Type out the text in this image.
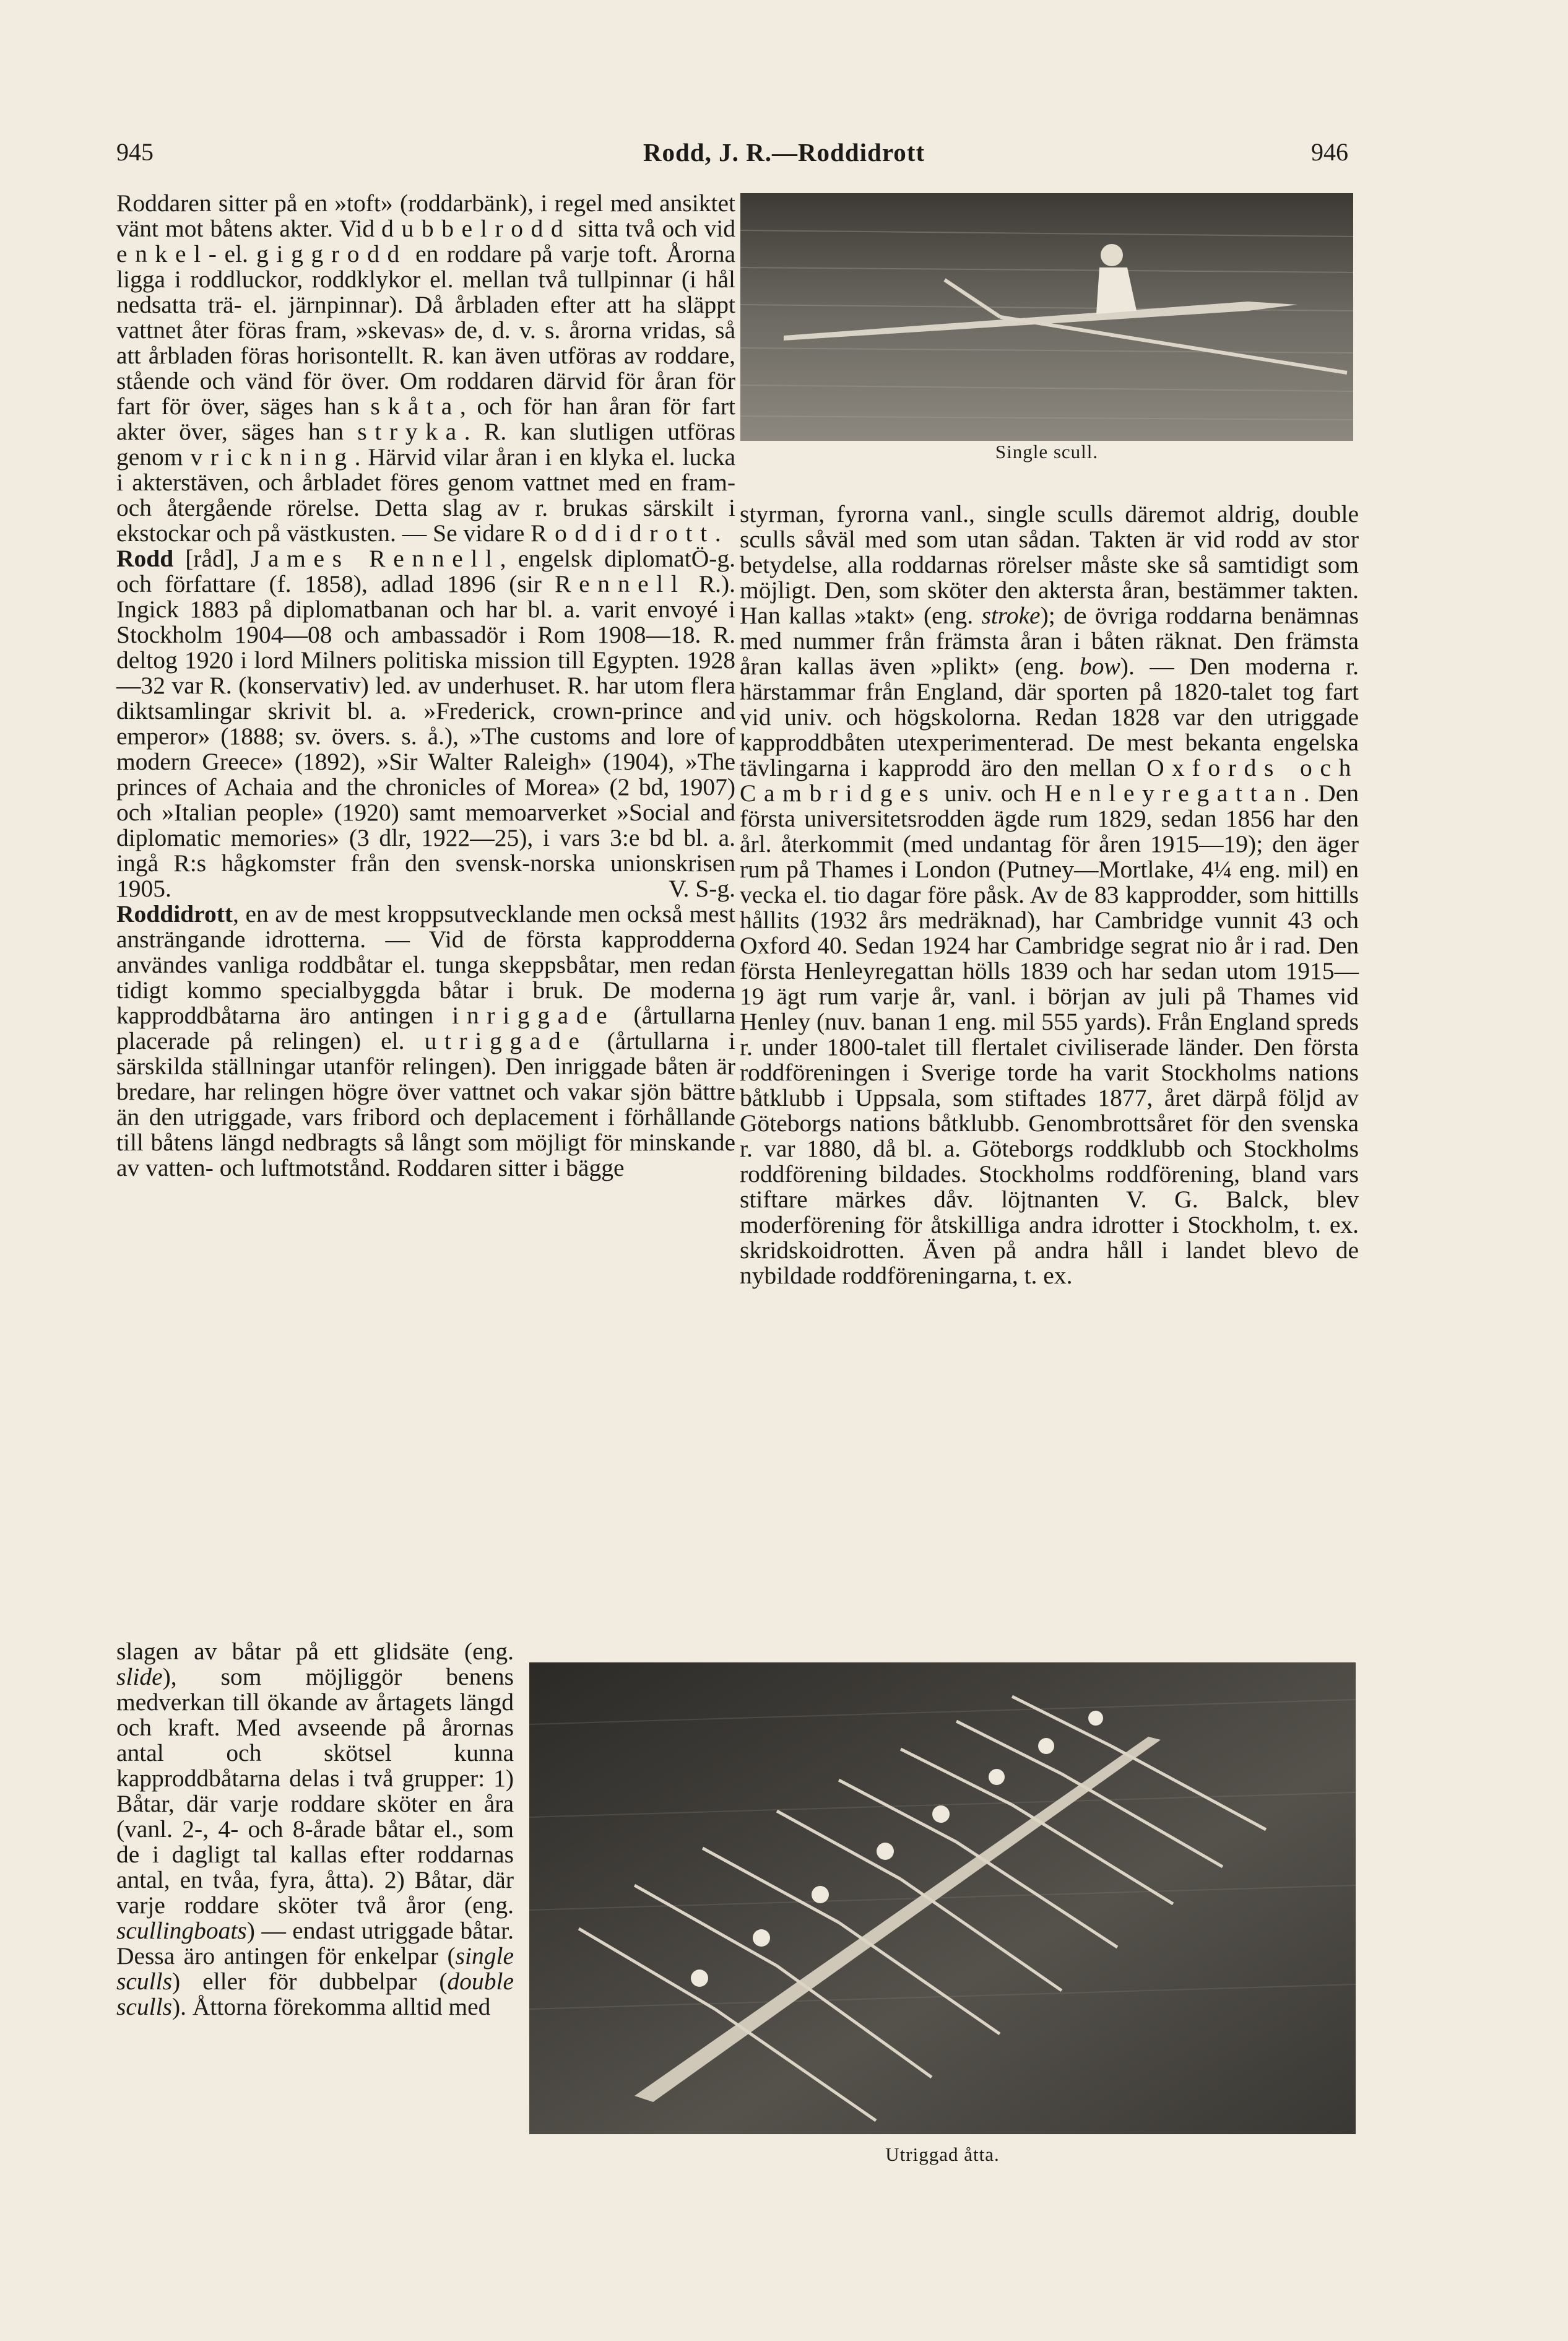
945	Rodd, J. R.—Roddidrott	946

Roddaren sitter på en »toft» (roddarbänk), i regel med ansiktet vänt mot båtens akter. Vid dubbelrodd sitta två och vid enkel-el. giggrodd en roddare på varje toft. Årorna ligga i roddluckor, roddklykor el. mellan två tullpinnar (i hål nedsatta trä- el. järnpinnar). Då årbladen efter att ha släppt vattnet åter föras fram, »skevas» de, d. v. s. årorna vridas, så att årbladen föras horisontellt. R. kan även utföras av roddare, stående och vänd för över. Om roddaren därvid för åran för fart för över, säges han skåta, och för han åran för fart akter över, säges han stryka. R. kan slutligen utföras genom vrickning. Härvid vilar åran i en klyka el. lucka i akterstäven, och årbladet föres genom vattnet med en fram- och återgående rörelse. Detta slag av r. brukas särskilt i ekstockar och på västkusten. — Se vidare Roddidrott.
Ö-g.

Rodd [råd], James Rennell, engelsk diplomat och författare (f. 1858), adlad 1896 (sir Rennell R.). Ingick 1883 på diplomatbanan och har bl. a. varit envoyé i Stockholm 1904—08 och ambassadör i Rom 1908—18. R. deltog 1920 i lord Milners politiska mission till Egypten. 1928—32 var R. (konservativ) led. av underhuset. R. har utom flera diktsamlingar skrivit bl. a. »Frederick, crown-prince and emperor» (1888; sv. övers. s. å.), »The customs and lore of modern Greece» (1892), »Sir Walter Raleigh» (1904), »The princes of Achaia and the chronicles of Morea» (2 bd, 1907) och »Italian people» (1920) samt memoarverket »Social and diplomatic memories» (3 dlr, 1922—25), i vars 3:e bd bl. a. ingå R:s hågkomster från den svensk-norska unionskrisen 1905.	V. S-g.

Roddidrott, en av de mest kroppsutvecklande men också mest ansträngande idrotterna. — Vid de första kapprodderna användes vanliga roddbåtar el. tunga skeppsbåtar, men redan tidigt kommo specialbyggda båtar i bruk. De moderna kapproddbåtarna äro antingen inriggade (årtullarna placerade på relingen) el. utriggade (årtullarna i särskilda ställningar utanför relingen). Den inriggade båten är bredare, har relingen högre över vattnet och vakar sjön bättre än den utriggade, vars fribord och deplacement i förhållande till båtens längd nedbragts så långt som möjligt för minskande av vatten- och luftmotstånd. Roddaren sitter i bägge

slagen av båtar på ett glidsäte (eng. slide), som möjliggör benens medverkan till ökande av årtagets längd och kraft. Med avseende på årornas antal och skötsel kunna kapproddbåtarna delas i två grupper: 1) Båtar, där varje roddare sköter en åra (vanl. 2-, 4- och 8-årade båtar el., som de i dagligt tal kallas efter roddarnas antal, en tvåa, fyra, åtta). 2) Båtar, där varje roddare sköter två åror (eng. scullingboats) — endast utriggade båtar. Dessa äro antingen för enkelpar (single sculls) eller för dubbelpar (double sculls). Åttorna förekomma alltid med

styrman, fyrorna vanl., single sculls däremot aldrig, double sculls såväl med som utan sådan. Takten är vid rodd av stor betydelse, alla roddarnas rörelser måste ske så samtidigt som möjligt. Den, som sköter den aktersta åran, bestämmer takten. Han kallas »takt» (eng. stroke); de övriga roddarna benämnas med nummer från främsta åran i båten räknat. Den främsta åran kallas även »plikt» (eng. bow). — Den moderna r. härstammar från England, där sporten på 1820-talet tog fart vid univ. och högskolorna. Redan 1828 var den utriggade kapproddbåten utexperimenterad. De mest bekanta engelska tävlingarna i kapprodd äro den mellan Oxfords och Cambridges univ. och Henleyregattan. Den första universitetsrodden ägde rum 1829, sedan 1856 har den årl. återkommit (med undantag för åren 1915—19); den äger rum på Thames i London (Putney—Mortlake, 4¼ eng. mil) en vecka el. tio dagar före påsk. Av de 83 kapprodder, som hittills hållits (1932 års medräknad), har Cambridge vunnit 43 och Oxford 40. Sedan 1924 har Cambridge segrat nio år i rad. Den första Henleyregattan hölls 1839 och har sedan utom 1915—19 ägt rum varje år, vanl. i början av juli på Thames vid Henley (nuv. banan 1 eng. mil 555 yards). Från England spreds r. under 1800-talet till flertalet civiliserade länder. Den första roddföreningen i Sverige torde ha varit Stockholms nations båtklubb i Uppsala, som stiftades 1877, året därpå följd av Göteborgs nations båtklubb. Genombrottsåret för den svenska r. var 1880, då bl. a. Göteborgs roddklubb och Stockholms roddförening bildades. Stockholms roddförening, bland vars stiftare märkes dåv. löjtnanten V. G. Balck, blev moderförening för åtskilliga andra idrotter i Stockholm, t. ex. skridskoidrotten. Även på andra håll i landet blevo de nybildade roddföreningarna, t. ex.

Single scull.
Utriggad åtta.
